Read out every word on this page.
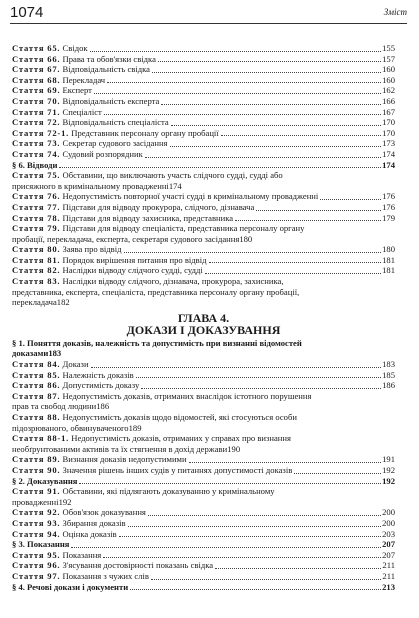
1074	Зміст
Стаття 65. Свідок	155
Стаття 66. Права та обов'язки свідка	157
Стаття 67. Відповідальність свідка	160
Стаття 68. Перекладач	160
Стаття 69. Експерт	162
Стаття 70. Відповідальність експерта	166
Стаття 71. Спеціаліст	167
Стаття 72. Відповідальність спеціаліста	170
Стаття 72-1. Представник персоналу органу пробації	170
Стаття 73. Секретар судового засідання	173
Стаття 74. Судовий розпорядник	174
§ 6. Відводи	174
Стаття 75. Обставини, що виключають участь слідчого судді, судді або
присяжного в кримінальному провадженні 174
Стаття 76. Недопустимість повторної участі судді в кримінальному провадженні	176
Стаття 77. Підстави для відводу прокурора, слідчого, дізнавача	176
Стаття 78. Підстави для відводу захисника, представника	179
Стаття 79. Підстави для відводу спеціаліста, представника персоналу органу
пробації, перекладача, експерта, секретаря судового засідання 180
Стаття 80. Заява про відвід	180
Стаття 81. Порядок вирішення питання про відвід	181
Стаття 82. Наслідки відводу слідчого судді, судді	181
Стаття 83. Наслідки відводу слідчого, дізнавача, прокурора, захисника,
представника, експерта, спеціаліста, представника персоналу органу пробації,
перекладача 182
ГЛАВА 4.
ДОКАЗИ І ДОКАЗУВАННЯ
§ 1. Поняття доказів, належність та допустимість при визнанні відомостей
доказами 183
Стаття 84. Докази	183
Стаття 85. Належність доказів	185
Стаття 86. Допустимість доказу	186
Стаття 87. Недопустимість доказів, отриманих внаслідок істотного порушення
прав та свобод людини 186
Стаття 88. Недопустимість доказів щодо відомостей, які стосуються особи
підозрюваного, обвинуваченого 189
Стаття 88-1. Недопустимість доказів, отриманих у справах про визнання
необґрунтованими активів та їх стягнення в дохід держави 190
Стаття 89. Визнання доказів недопустимими	191
Стаття 90. Значення рішень інших судів у питаннях допустимості доказів	192
§ 2. Доказування	192
Стаття 91. Обставини, які підлягають доказуванню у кримінальному
провадженні 192
Стаття 92. Обов'язок доказування	200
Стаття 93. Збирання доказів	200
Стаття 94. Оцінка доказів	203
§ 3. Показання	207
Стаття 95. Показання	207
Стаття 96. З'ясування достовірності показань свідка	211
Стаття 97. Показання з чужих слів	211
§ 4. Речові докази і документи	213
